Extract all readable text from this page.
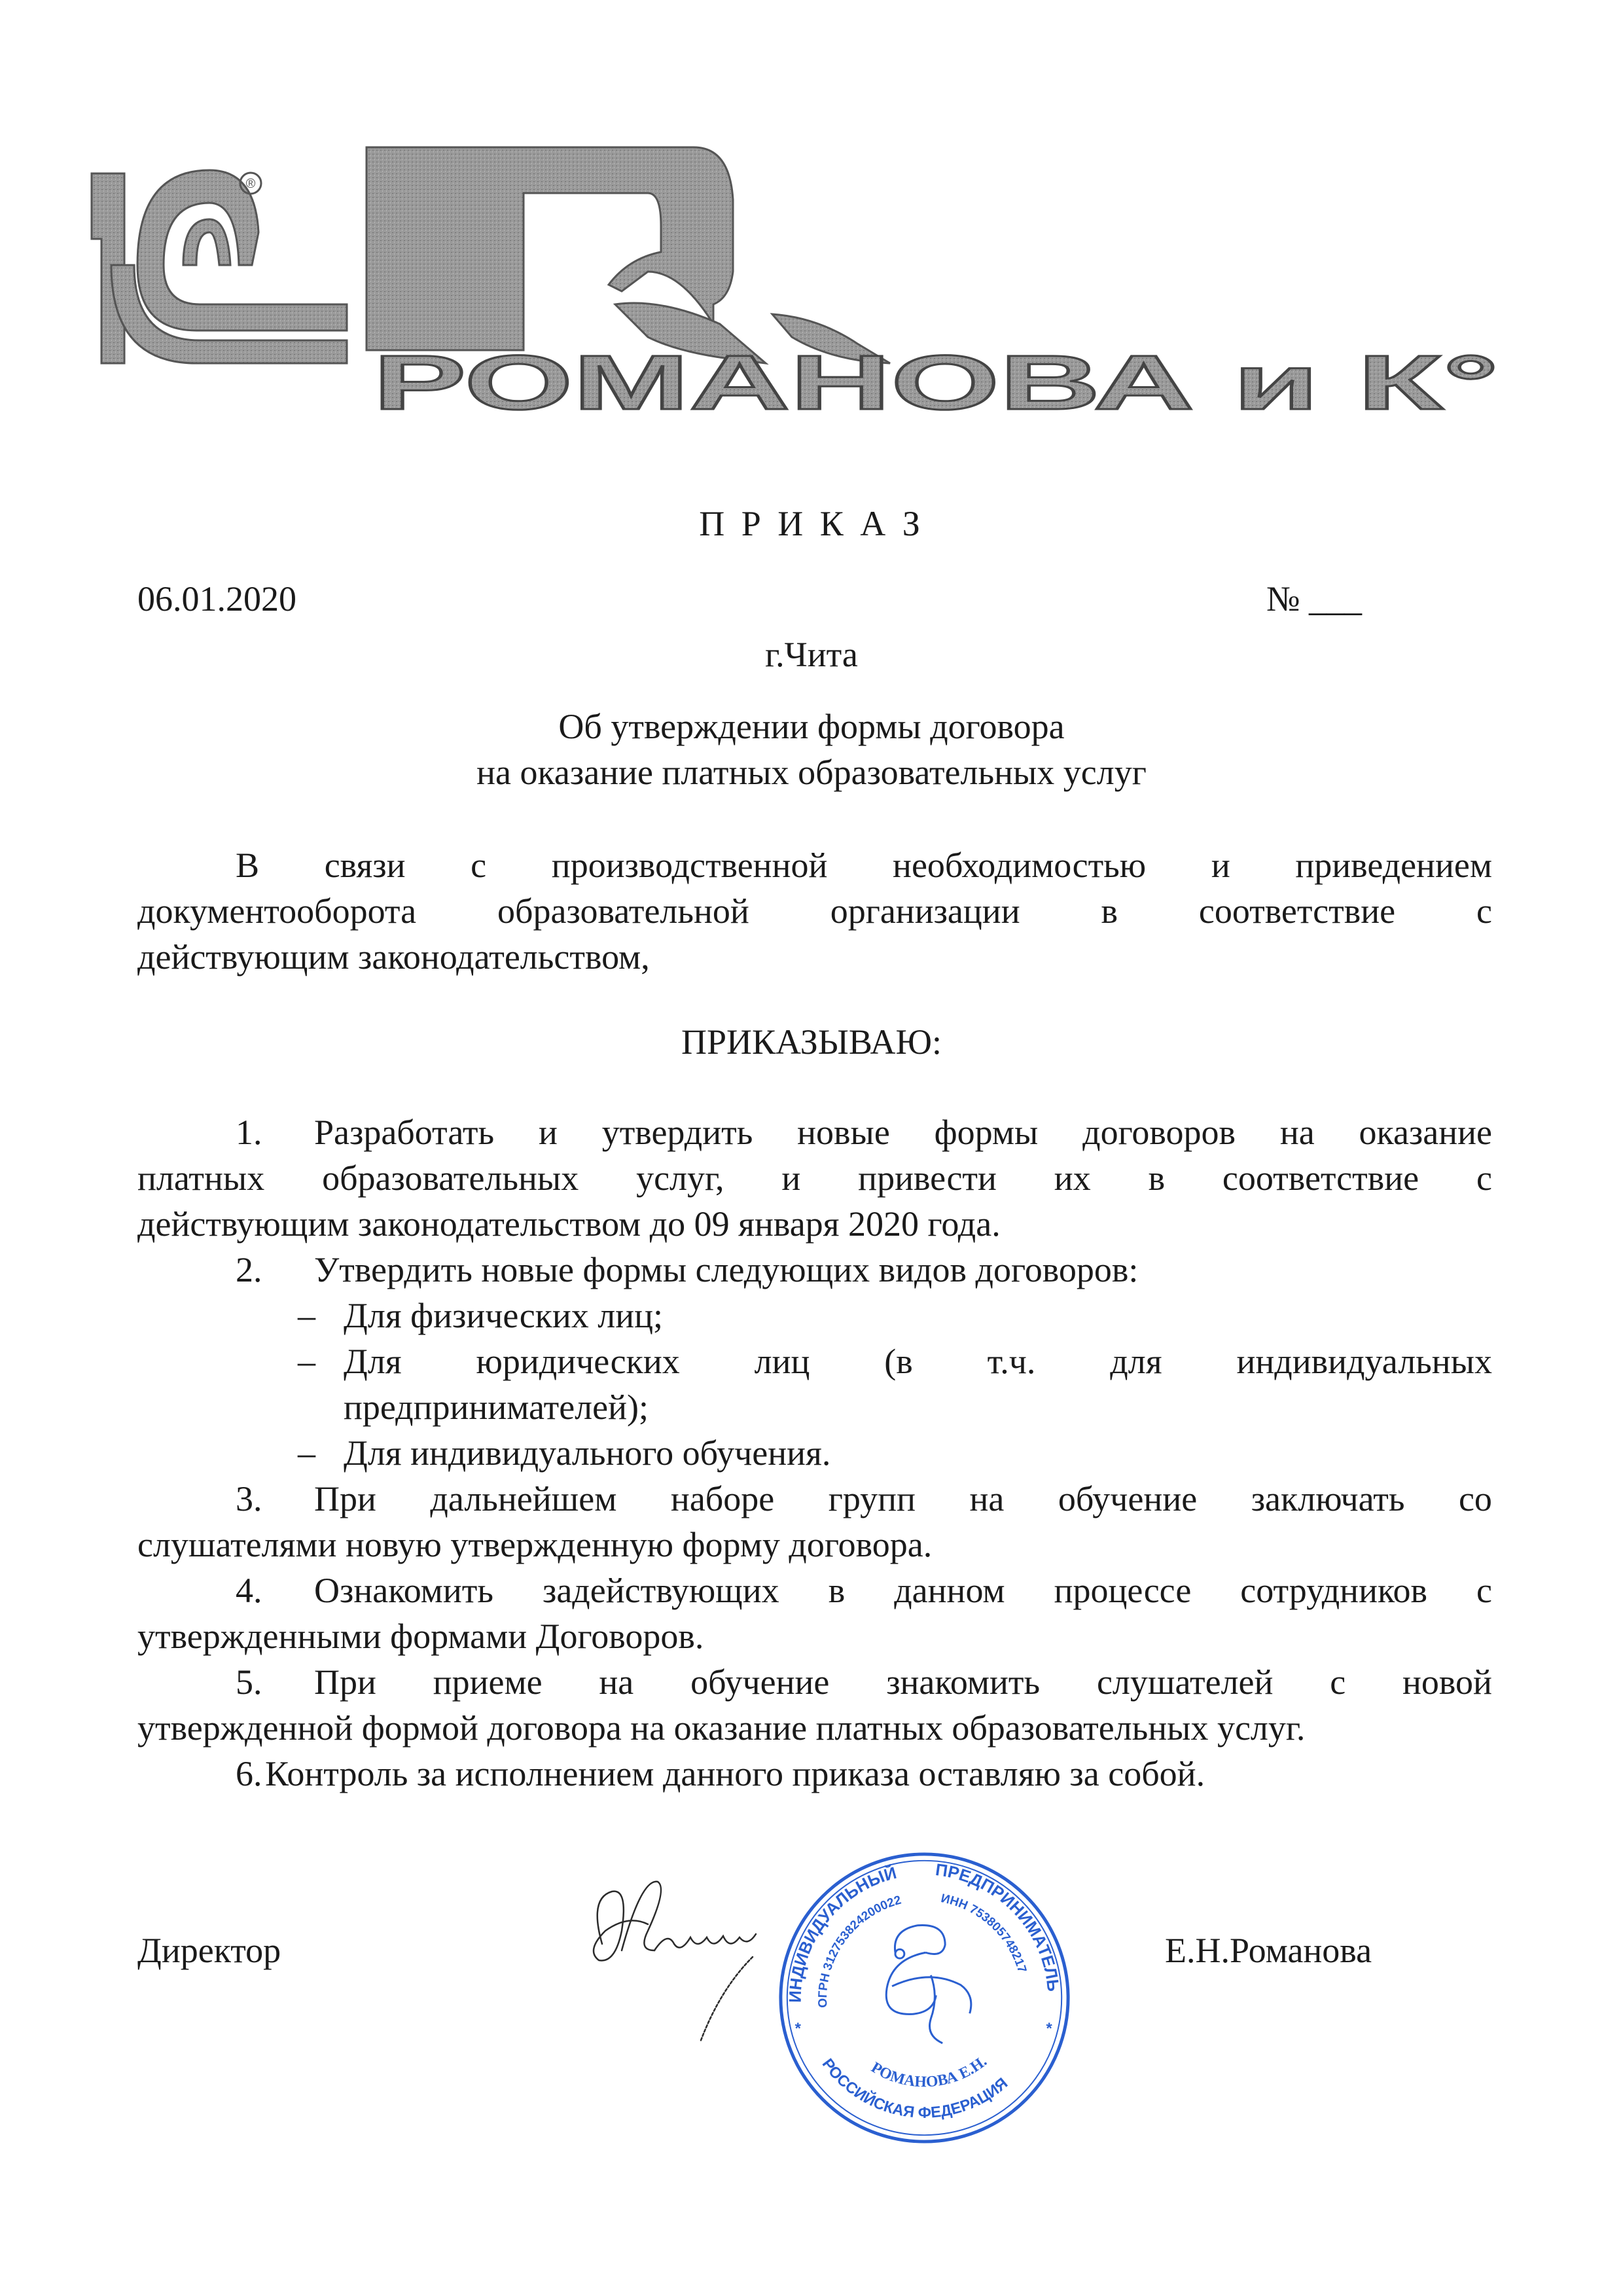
®
РОМАНОВА и К°
П Р И К А З
06.01.2020	№ ___
г.Чита
Об утверждении формы договора
на оказание платных образовательных услуг
В связи с производственной необходимостью и приведением
документооборота образовательной организации в соответствие с
действующим законодательством,
ПРИКАЗЫВАЮ:
1.	Разработать и утвердить новые формы договоров на оказание
платных образовательных услуг, и привести их в соответствие с
действующим законодательством до 09 января 2020 года.
2.	Утвердить новые формы следующих видов договоров:
– Для физических лиц;
– Для юридических лиц (в т.ч. для индивидуальных
предпринимателей);
– Для индивидуального обучения.
3.	При дальнейшем наборе групп на обучение заключать со
слушателями новую утвержденную форму договора.
4.	Ознакомить задействующих в данном процессе сотрудников с
утвержденными формами Договоров.
5.	При приеме на обучение знакомить слушателей с новой
утвержденной формой договора на оказание платных образовательных услуг.
6. Контроль за исполнением данного приказа оставляю за собой.
Директор	Е.Н.Романова
ИНДИВИДУАЛЬНЫЙ ПРЕДПРИНИМАТЕЛЬ
ОГРН 312753824200022	ИНН 753805748217
РОССИЙСКАЯ ФЕДЕРАЦИЯ
РОМАНОВА Е.Н.
*	*
